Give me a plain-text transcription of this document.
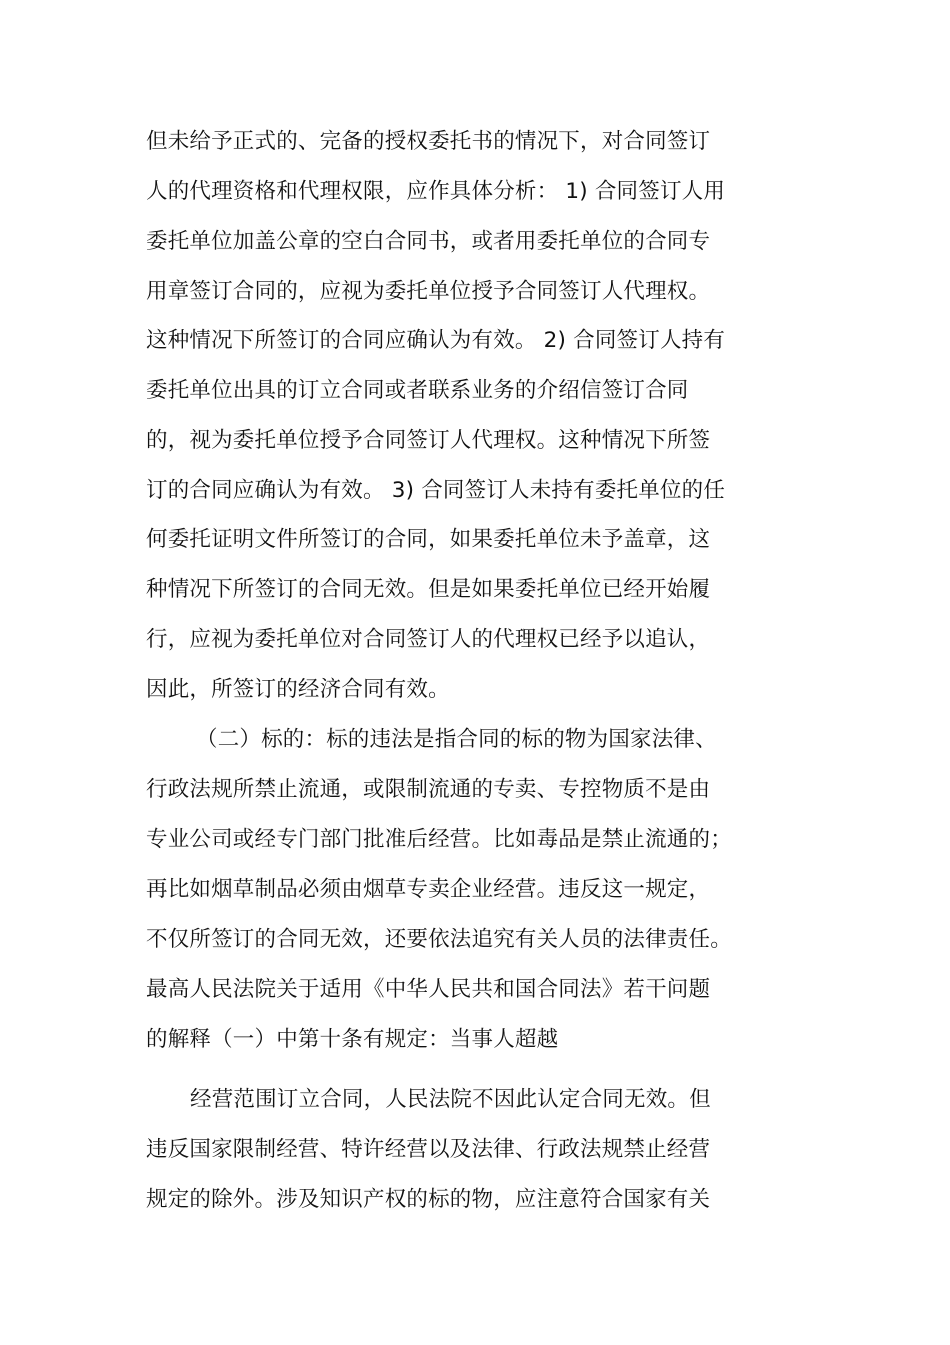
但未给予正式的、完备的授权委托书的情况下，对合同签订
人的代理资格和代理权限，应作具体分析： 1) 合同签订人用
委托单位加盖公章的空白合同书，或者用委托单位的合同专
用章签订合同的，应视为委托单位授予合同签订人代理权。
这种情况下所签订的合同应确认为有效。 2) 合同签订人持有
委托单位出具的订立合同或者联系业务的介绍信签订合同
的，视为委托单位授予合同签订人代理权。这种情况下所签
订的合同应确认为有效。 3) 合同签订人未持有委托单位的任
何委托证明文件所签订的合同，如果委托单位未予盖章，这
种情况下所签订的合同无效。但是如果委托单位已经开始履
行，应视为委托单位对合同签订人的代理权已经予以追认，
因此，所签订的经济合同有效。
（二）标的：标的违法是指合同的标的物为国家法律、
行政法规所禁止流通，或限制流通的专卖、专控物质不是由
专业公司或经专门部门批准后经营。比如毒品是禁止流通的；
再比如烟草制品必须由烟草专卖企业经营。违反这一规定，
不仅所签订的合同无效，还要依法追究有关人员的法律责任。
最高人民法院关于适用《中华人民共和国合同法》若干问题
的解释（一）中第十条有规定：当事人超越
经营范围订立合同，人民法院不因此认定合同无效。但
违反国家限制经营、特许经营以及法律、行政法规禁止经营
规定的除外。涉及知识产权的标的物，应注意符合国家有关
